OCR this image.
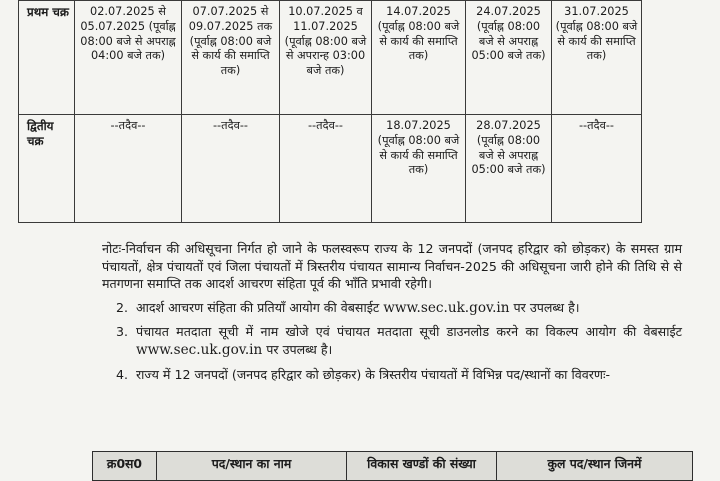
प्रथम चक्र	02.07.2025 से 05.07.2025 (पूर्वाह्न 08:00 बजे से अपराह्न 04:00 बजे तक)	07.07.2025 से 09.07.2025 तक (पूर्वाह्न 08:00 बजे से कार्य की समाप्ति तक)	10.07.2025 व 11.07.2025 (पूर्वाह्न 08:00 बजे से अपरान्ह 03:00 बजे तक)	14.07.2025 (पूर्वाह्न 08:00 बजे से कार्य की समाप्ति तक)	24.07.2025 (पूर्वाह्न 08:00 बजे से अपराह्न 05:00 बजे तक)	31.07.2025 (पूर्वाह्न 08:00 बजे से कार्य की समाप्ति तक)
द्वितीय चक्र	--तदैव--	--तदैव--	--तदैव--	18.07.2025 (पूर्वाह्न 08:00 बजे से कार्य की समाप्ति तक)	28.07.2025 (पूर्वाह्न 08:00 बजे से अपराह्न 05:00 बजे तक)	--तदैव--

नोटः-निर्वाचन की अधिसूचना निर्गत हो जाने के फलस्वरूप राज्य के 12 जनपदों (जनपद हरिद्वार को छोड़कर) के समस्त ग्राम पंचायतों, क्षेत्र पंचायतों एवं जिला पंचायतों में त्रिस्तरीय पंचायत सामान्य निर्वाचन-2025 की अधिसूचना जारी होने की तिथि से से मतगणना समाप्ति तक आदर्श आचरण संहिता पूर्व की भाँति प्रभावी रहेगी।

2. आदर्श आचरण संहिता की प्रतियाँ आयोग की वेबसाईट www.sec.uk.gov.in पर उपलब्ध है।
3. पंचायत मतदाता सूची में नाम खोजे एवं पंचायत मतदाता सूची डाउनलोड करने का विकल्प आयोग की वेबसाईट www.sec.uk.gov.in पर उपलब्ध है।
4. राज्य में 12 जनपदों (जनपद हरिद्वार को छोड़कर) के त्रिस्तरीय पंचायतों में विभिन्न पद/स्थानों का विवरणः-
क्र0स0	पद/स्थान का नाम	विकास खण्डों की संख्या	कुल पद/स्थान जिनमें
